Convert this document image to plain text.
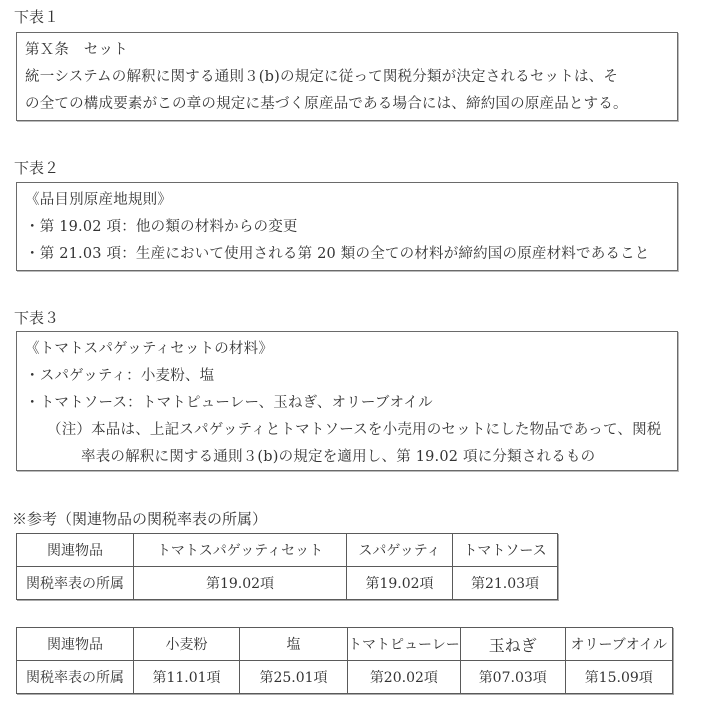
下表１
第Ｘ条　セット
統一システムの解釈に関する通則３(b)の規定に従って関税分類が決定されるセットは、そ
の全ての構成要素がこの章の規定に基づく原産品である場合には、締約国の原産品とする。
下表２
《品目別原産地規則》
・第 19.02 項：他の類の材料からの変更
・第 21.03 項：生産において使用される第 20 類の全ての材料が締約国の原産材料であること
下表３
《トマトスパゲッティセットの材料》
・スパゲッティ：小麦粉、塩
・トマトソース：トマトピューレー、玉ねぎ、オリーブオイル
（注）本品は、上記スパゲッティとトマトソースを小売用のセットにした物品であって、関税
率表の解釈に関する通則３(b)の規定を適用し、第 19.02 項に分類されるもの
※参考（関連物品の関税率表の所属）
関連物品	トマトスパゲッティセット	スパゲッティ	トマトソース
関税率表の所属	第19.02項	第19.02項	第21.03項
関連物品	小麦粉	塩	トマトピューレー	玉ねぎ	オリーブオイル
関税率表の所属	第11.01項	第25.01項	第20.02項	第07.03項	第15.09項
